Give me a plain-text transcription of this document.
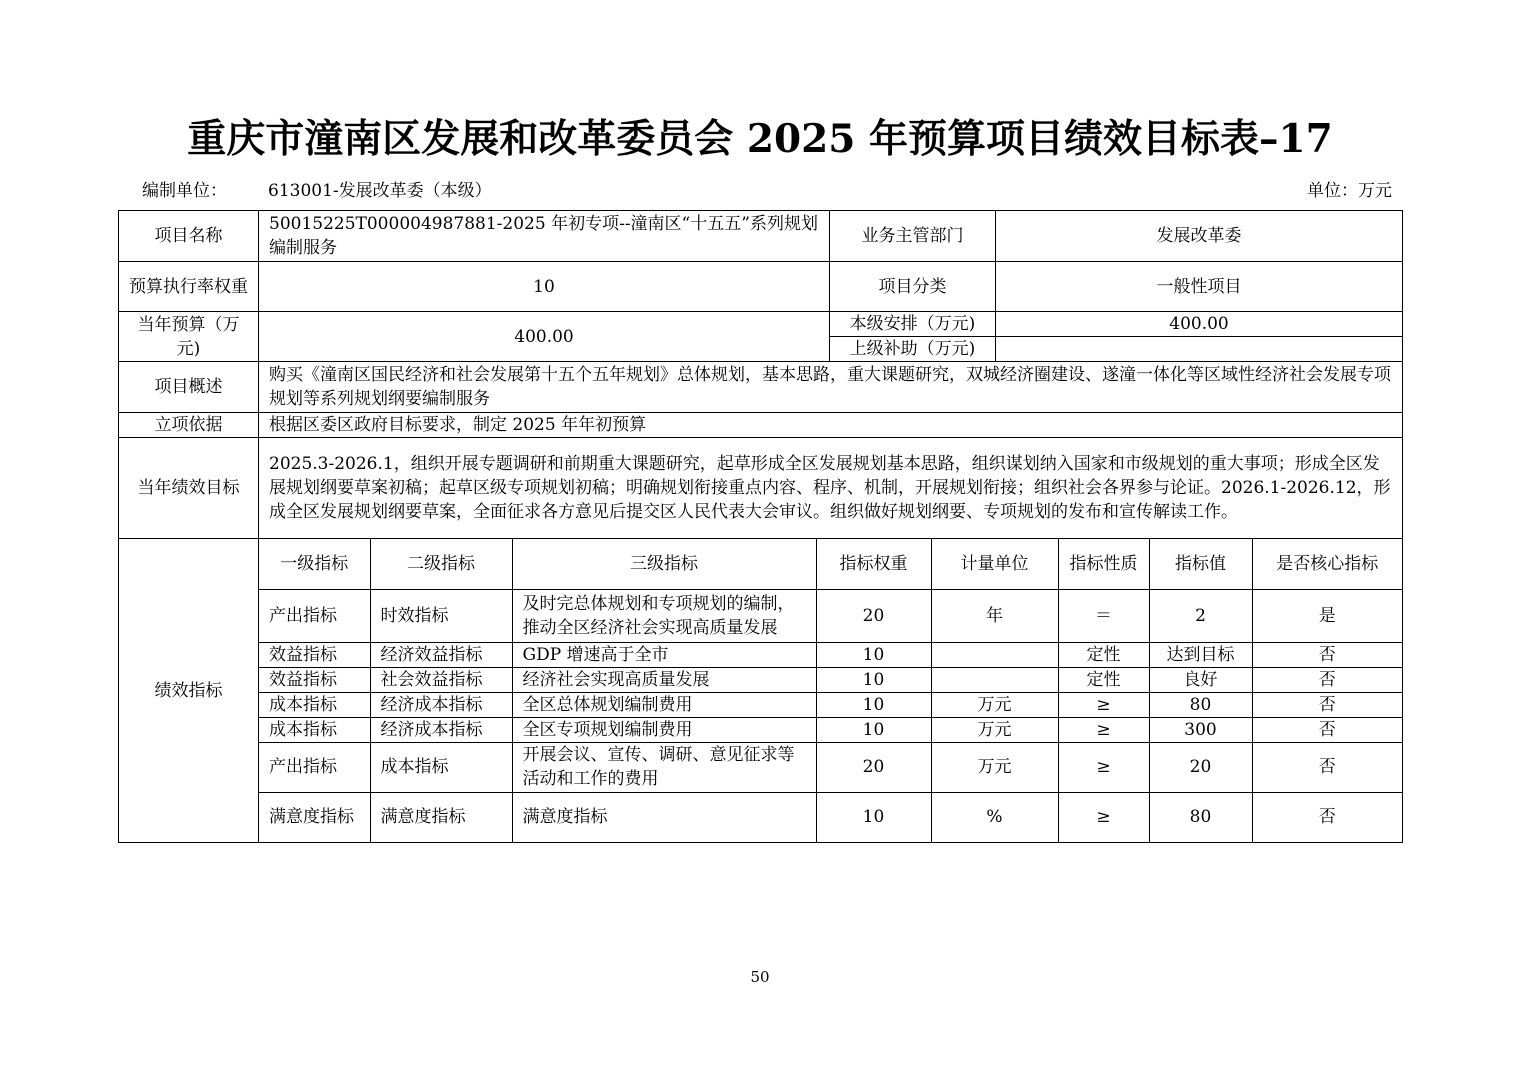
重庆市潼南区发展和改革委员会 2025 年预算项目绩效目标表–17
编制单位： 613001-发展改革委（本级）	单位：万元
项目名称	50015225T000004987881-2025 年初专项--潼南区“十五五”系列规划编制服务	业务主管部门	发展改革委
预算执行率权重	10	项目分类	一般性项目
当年预算（万元)	400.00	本级安排（万元)	400.00
上级补助（万元)	
项目概述	购买《潼南区国民经济和社会发展第十五个五年规划》总体规划，基本思路，重大课题研究，双城经济圈建设、遂潼一体化等区域性经济社会发展专项规划等系列规划纲要编制服务
立项依据	根据区委区政府目标要求，制定 2025 年年初预算
当年绩效目标	2025.3-2026.1，组织开展专题调研和前期重大课题研究，起草形成全区发展规划基本思路，组织谋划纳入国家和市级规划的重大事项；形成全区发展规划纲要草案初稿；起草区级专项规划初稿；明确规划衔接重点内容、程序、机制，开展规划衔接；组织社会各界参与论证。2026.1-2026.12，形成全区发展规划纲要草案，全面征求各方意见后提交区人民代表大会审议。组织做好规划纲要、专项规划的发布和宣传解读工作。
绩效指标	
一级指标	二级指标	三级指标	指标权重	计量单位	指标性质	指标值	是否核心指标
产出指标	时效指标	及时完总体规划和专项规划的编制，推动全区经济社会实现高质量发展	20	年	＝	2	是
效益指标	经济效益指标	GDP 增速高于全市	10		定性	达到目标	否
效益指标	社会效益指标	经济社会实现高质量发展	10		定性	良好	否
成本指标	经济成本指标	全区总体规划编制费用	10	万元	≥	80	否
成本指标	经济成本指标	全区专项规划编制费用	10	万元	≥	300	否
产出指标	成本指标	开展会议、宣传、调研、意见征求等活动和工作的费用	20	万元	≥	20	否
满意度指标	满意度指标	满意度指标	10	%	≥	80	否
50
